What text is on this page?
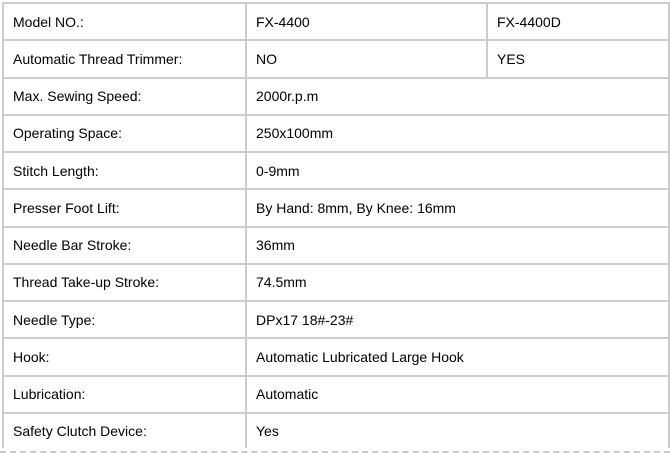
Model NO.:	FX-4400	FX-4400D
Automatic Thread Trimmer:	NO	YES
Max. Sewing Speed:	2000r.p.m	
Operating Space:	250x100mm	
Stitch Length:	0-9mm	
Presser Foot Lift:	By Hand: 8mm, By Knee: 16mm	
Needle Bar Stroke:	36mm	
Thread Take-up Stroke:	74.5mm	
Needle Type:	DPx17 18#-23#	
Hook:	Automatic Lubricated Large Hook	
Lubrication:	Automatic	
Safety Clutch Device:	Yes	
